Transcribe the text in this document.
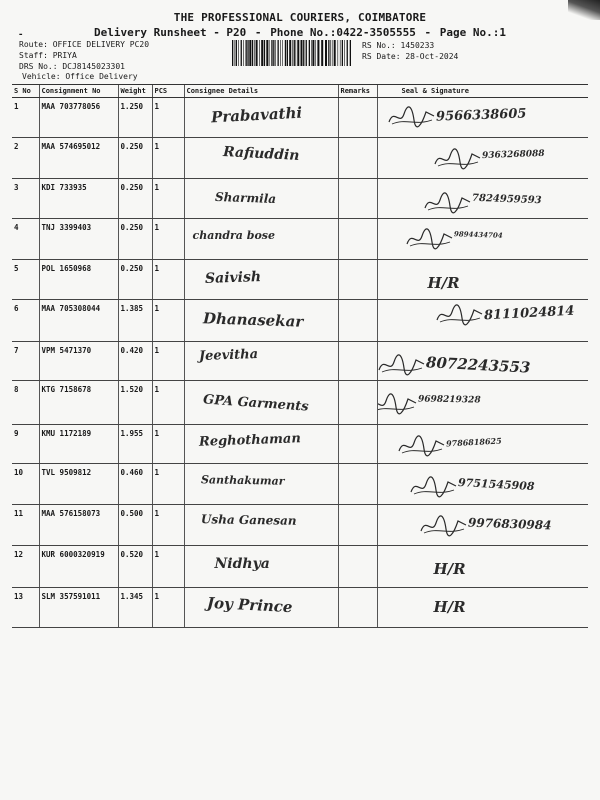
THE PROFESSIONAL COURIERS, COIMBATORE
Delivery Runsheet - P20 - Phone No.:0422-3505555 - Page No.:1
-
Route: OFFICE DELIVERY PC20
Staff: PRIYA
DRS No.: DCJ8145023301
Vehicle: Office Delivery
RS No.: 1450233
RS Date: 28-Oct-2024
S No	Consignment No	Weight	PCS	Consignee Details	Remarks	Seal & Signature
1	MAA 703778056	1.250	1	Prabavathi		9566338605

2	MAA 574695012	0.250	1	Rafiuddin		9363268088

3	KDI 733935	0.250	1	Sharmila		7824959593

4	TNJ 3399403	0.250	1	chandra bose		9894434704

5	POL 1650968	0.250	1	Saivish		H/R

6	MAA 705308044	1.385	1	Dhanasekar		8111024814

7	VPM 5471370	0.420	1	Jeevitha		8072243553

8	KTG 7158678	1.520	1	GPA Garments		9698219328

9	KMU 1172189	1.955	1	Reghothaman		9786818625

10	TVL 9509812	0.460	1	Santhakumar		9751545908

11	MAA 576158073	0.500	1	Usha Ganesan		9976830984

12	KUR 6000320919	0.520	1	Nidhya		H/R

13	SLM 357591011	1.345	1	Joy Prince		H/R
